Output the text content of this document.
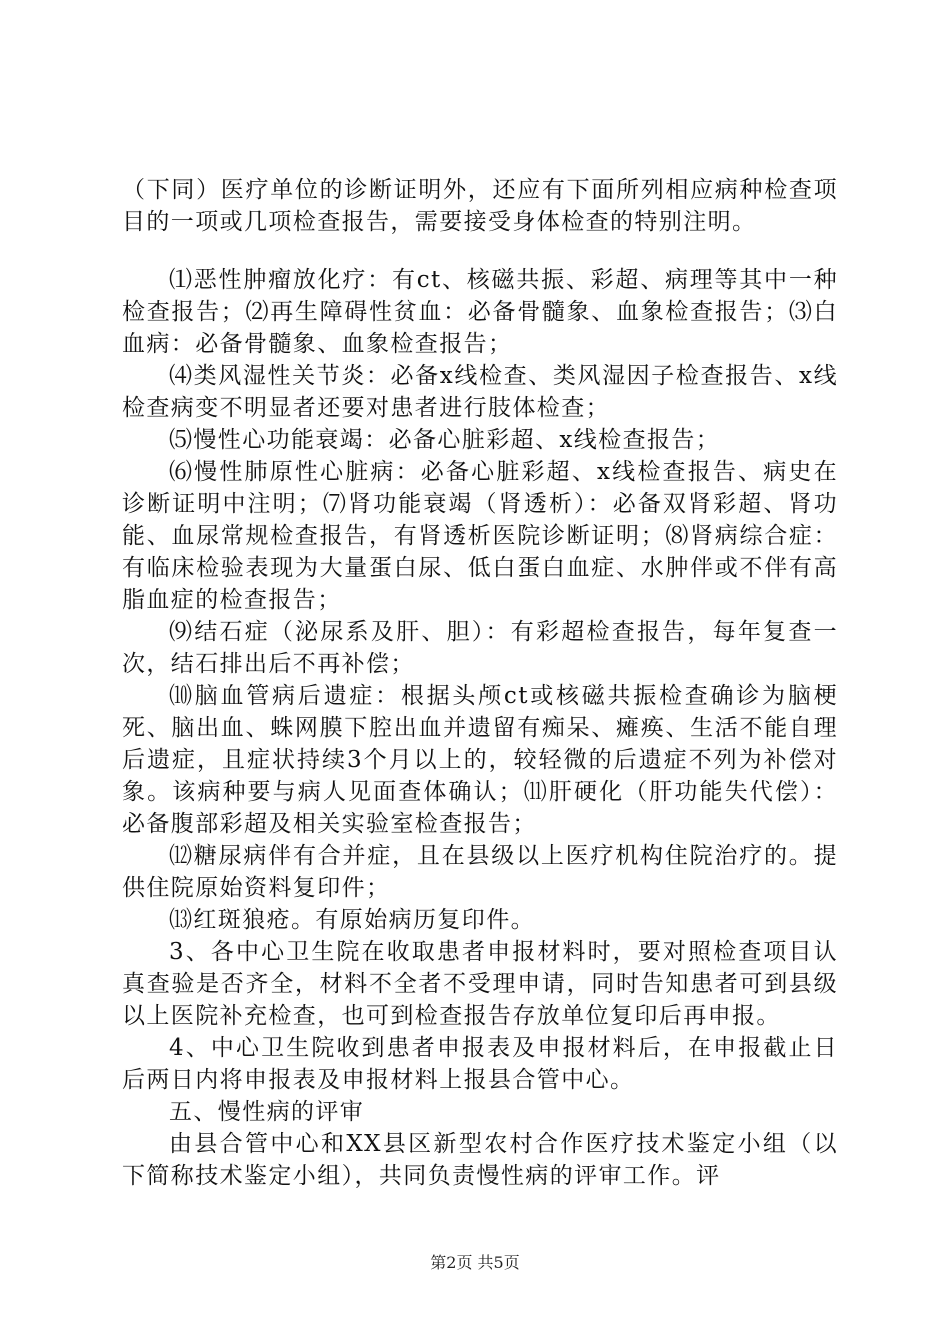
（下同）医疗单位的诊断证明外，还应有下面所列相应病种检查项目的一项或几项检查报告，需要接受身体检查的特别注明。

⑴恶性肿瘤放化疗：有ct、核磁共振、彩超、病理等其中一种检查报告；⑵再生障碍性贫血：必备骨髓象、血象检查报告；⑶白血病：必备骨髓象、血象检查报告；

⑷类风湿性关节炎：必备x线检查、类风湿因子检查报告、x线检查病变不明显者还要对患者进行肢体检查；

⑸慢性心功能衰竭：必备心脏彩超、x线检查报告；

⑹慢性肺原性心脏病：必备心脏彩超、x线检查报告、病史在诊断证明中注明；⑺肾功能衰竭（肾透析）：必备双肾彩超、肾功能、血尿常规检查报告，有肾透析医院诊断证明；⑻肾病综合症：有临床检验表现为大量蛋白尿、低白蛋白血症、水肿伴或不伴有高脂血症的检查报告；

⑼结石症（泌尿系及肝、胆）：有彩超检查报告，每年复查一次，结石排出后不再补偿；

⑽脑血管病后遗症：根据头颅ct或核磁共振检查确诊为脑梗死、脑出血、蛛网膜下腔出血并遗留有痴呆、瘫痪、生活不能自理后遗症，且症状持续3个月以上的，较轻微的后遗症不列为补偿对象。该病种要与病人见面查体确认；⑾肝硬化（肝功能失代偿）：必备腹部彩超及相关实验室检查报告；

⑿糖尿病伴有合并症，且在县级以上医疗机构住院治疗的。提供住院原始资料复印件；

⒀红斑狼疮。有原始病历复印件。

3、各中心卫生院在收取患者申报材料时，要对照检查项目认真查验是否齐全，材料不全者不受理申请，同时告知患者可到县级以上医院补充检查，也可到检查报告存放单位复印后再申报。

4、中心卫生院收到患者申报表及申报材料后，在申报截止日后两日内将申报表及申报材料上报县合管中心。

五、慢性病的评审

由县合管中心和XX县区新型农村合作医疗技术鉴定小组（以下简称技术鉴定小组），共同负责慢性病的评审工作。评

第2页 共5页
